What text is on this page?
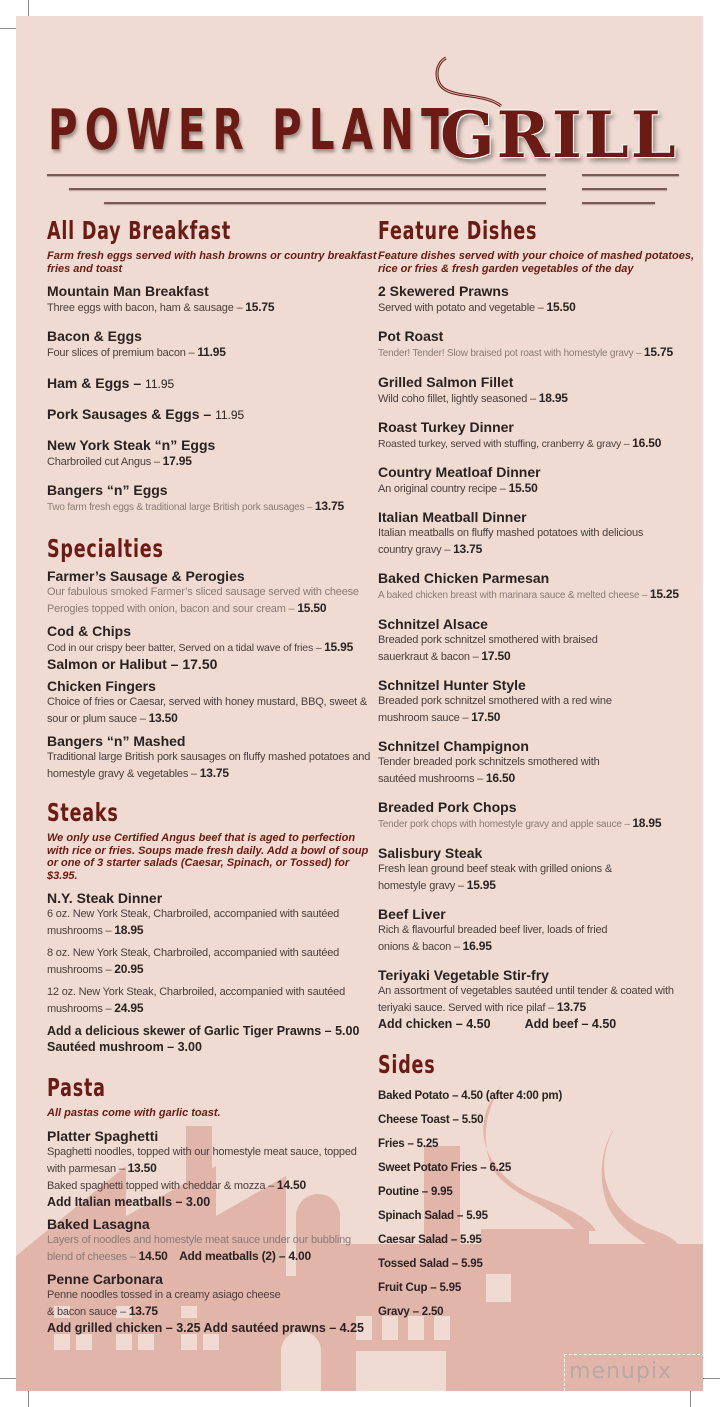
POWER PLANT
GRILL
All Day Breakfast
Farm fresh eggs served with hash browns or country breakfast fries and toast
Mountain Man Breakfast
Three eggs with bacon, ham & sausage – 15.75
Bacon & Eggs
Four slices of premium bacon – 11.95
Ham & Eggs – 11.95
Pork Sausages & Eggs – 11.95
New York Steak “n” Eggs
Charbroiled cut Angus – 17.95
Bangers “n” Eggs
Two farm fresh eggs & traditional large British pork sausages – 13.75
Specialties
Farmer’s Sausage & Perogies
Our fabulous smoked Farmer’s sliced sausage served with cheese Perogies topped with onion, bacon and sour cream – 15.50
Cod & Chips
Cod in our crispy beer batter, Served on a tidal wave of fries – 15.95
Salmon or Halibut – 17.50
Chicken Fingers
Choice of fries or Caesar, served with honey mustard, BBQ, sweet & sour or plum sauce – 13.50
Bangers “n” Mashed
Traditional large British pork sausages on fluffy mashed potatoes and homestyle gravy & vegetables – 13.75
Steaks
We only use Certified Angus beef that is aged to perfection with rice or fries. Soups made fresh daily. Add a bowl of soup or one of 3 starter salads (Caesar, Spinach, or Tossed) for $3.95.
N.Y. Steak Dinner
6 oz. New York Steak, Charbroiled, accompanied with sautéed mushrooms – 18.95
8 oz. New York Steak, Charbroiled, accompanied with sautéed mushrooms – 20.95
12 oz. New York Steak, Charbroiled, accompanied with sautéed mushrooms – 24.95
Add a delicious skewer of Garlic Tiger Prawns – 5.00
Sautéed mushroom – 3.00
Pasta
All pastas come with garlic toast.
Platter Spaghetti
Spaghetti noodles, topped with our homestyle meat sauce, topped with parmesan – 13.50
Baked spaghetti topped with cheddar & mozza – 14.50
Add Italian meatballs – 3.00
Baked Lasagna
Layers of noodles and homestyle meat sauce under our bubbling blend of cheeses – 14.50 Add meatballs (2) – 4.00
Penne Carbonara
Penne noodles tossed in a creamy asiago cheese & bacon sauce – 13.75
Add grilled chicken – 3.25 Add sautéed prawns – 4.25
Feature Dishes
Feature dishes served with your choice of mashed potatoes, rice or fries & fresh garden vegetables of the day
2 Skewered Prawns
Served with potato and vegetable – 15.50
Pot Roast
Tender! Tender! Slow braised pot roast with homestyle gravy – 15.75
Grilled Salmon Fillet
Wild coho fillet, lightly seasoned – 18.95
Roast Turkey Dinner
Roasted turkey, served with stuffing, cranberry & gravy – 16.50
Country Meatloaf Dinner
An original country recipe – 15.50
Italian Meatball Dinner
Italian meatballs on fluffy mashed potatoes with delicious country gravy – 13.75
Baked Chicken Parmesan
A baked chicken breast with marinara sauce & melted cheese – 15.25
Schnitzel Alsace
Breaded pork schnitzel smothered with braised sauerkraut & bacon – 17.50
Schnitzel Hunter Style
Breaded pork schnitzel smothered with a red wine mushroom sauce – 17.50
Schnitzel Champignon
Tender breaded pork schnitzels smothered with sautéed mushrooms – 16.50
Breaded Pork Chops
Tender pork chops with homestyle gravy and apple sauce – 18.95
Salisbury Steak
Fresh lean ground beef steak with grilled onions & homestyle gravy – 15.95
Beef Liver
Rich & flavourful breaded beef liver, loads of fried onions & bacon – 16.95
Teriyaki Vegetable Stir-fry
An assortment of vegetables sautéed until tender & coated with teriyaki sauce. Served with rice pilaf – 13.75
Add chicken – 4.50	Add beef – 4.50
Sides
Baked Potato – 4.50 (after 4:00 pm)
Cheese Toast – 5.50
Fries – 5.25
Sweet Potato Fries – 6.25
Poutine – 9.95
Spinach Salad – 5.95
Caesar Salad – 5.95
Tossed Salad – 5.95
Fruit Cup – 5.95
Gravy – 2.50
menupix
